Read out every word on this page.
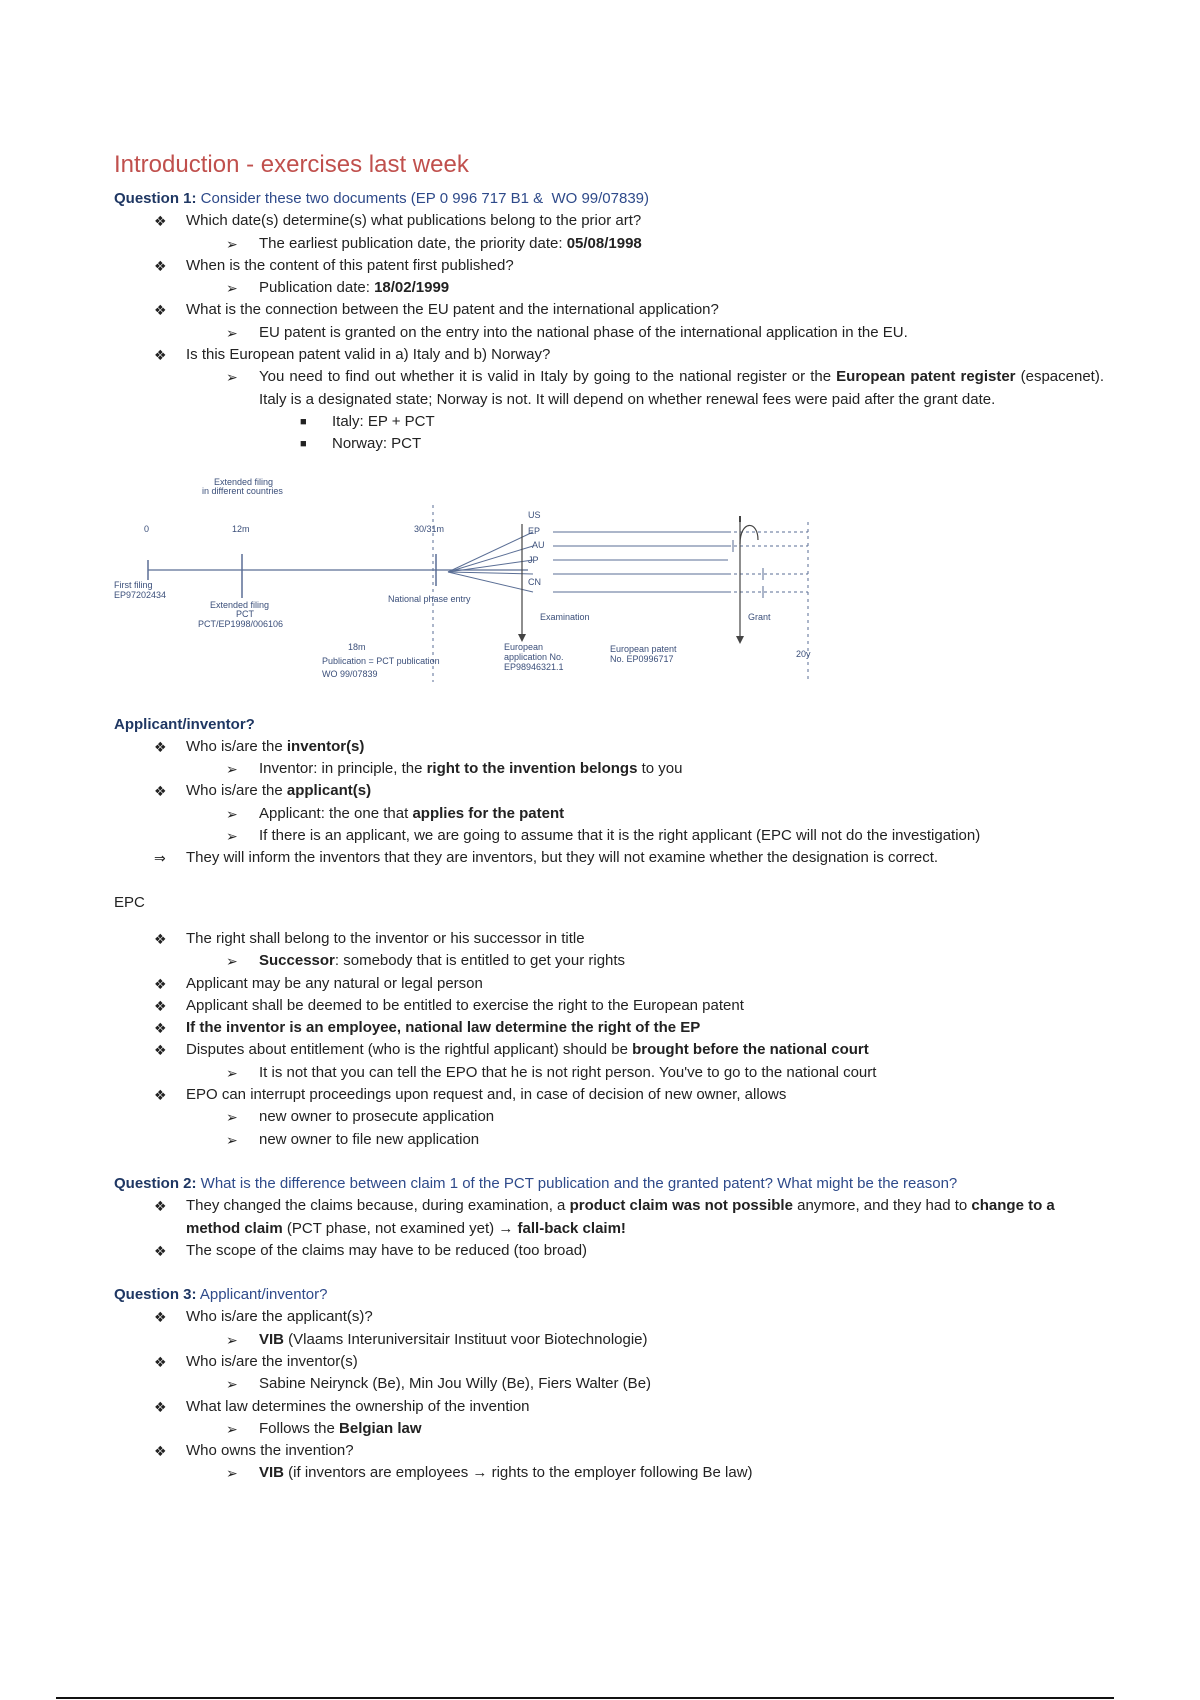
Introduction - exercises last week
Question 1: Consider these two documents (EP 0 996 717 B1 &  WO 99/07839)
❖ Which date(s) determine(s) what publications belong to the prior art?
➢ The earliest publication date, the priority date: 05/08/1998
❖ When is the content of this patent first published?
➢ Publication date: 18/02/1999
❖ What is the connection between the EU patent and the international application?
➢ EU patent is granted on the entry into the national phase of the international application in the EU.
❖ Is this European patent valid in a) Italy and b) Norway?
➢ You need to find out whether it is valid in Italy by going to the national register or the European patent register (espacenet). Italy is a designated state; Norway is not. It will depend on whether renewal fees were paid after the grant date.
■ Italy: EP + PCT
■ Norway: PCT
Extended filing
in different countries
0	12m	30/31m
First filing
EP97202434
Extended filing
PCT
PCT/EP1998/006106
National phase entry
18m
Publication = PCT publication
WO 99/07839
US
EP
AU
JP
CN
Examination	Grant
European
application No.
EP98946321.1
European patent
No. EP0996717	20y
Applicant/inventor?
❖ Who is/are the inventor(s)
➢ Inventor: in principle, the right to the invention belongs to you
❖ Who is/are the applicant(s)
➢ Applicant: the one that applies for the patent
➢ If there is an applicant, we are going to assume that it is the right applicant (EPC will not do the investigation)
⇒ They will inform the inventors that they are inventors, but they will not examine whether the designation is correct.
EPC
❖ The right shall belong to the inventor or his successor in title
➢ Successor: somebody that is entitled to get your rights
❖ Applicant may be any natural or legal person
❖ Applicant shall be deemed to be entitled to exercise the right to the European patent
❖ If the inventor is an employee, national law determine the right of the EP
❖ Disputes about entitlement (who is the rightful applicant) should be brought before the national court
➢ It is not that you can tell the EPO that he is not right person. You've to go to the national court
❖ EPO can interrupt proceedings upon request and, in case of decision of new owner, allows
➢ new owner to prosecute application
➢ new owner to file new application
Question 2: What is the difference between claim 1 of the PCT publication and the granted patent? What might be the reason?
❖ They changed the claims because, during examination, a product claim was not possible anymore, and they had to change to a method claim (PCT phase, not examined yet) → fall-back claim!
❖ The scope of the claims may have to be reduced (too broad)
Question 3: Applicant/inventor?
❖ Who is/are the applicant(s)?
➢ VIB (Vlaams Interuniversitair Instituut voor Biotechnologie)
❖ Who is/are the inventor(s)
➢ Sabine Neirynck (Be), Min Jou Willy (Be), Fiers Walter (Be)
❖ What law determines the ownership of the invention
➢ Follows the Belgian law
❖ Who owns the invention?
➢ VIB (if inventors are employees → rights to the employer following Be law)
